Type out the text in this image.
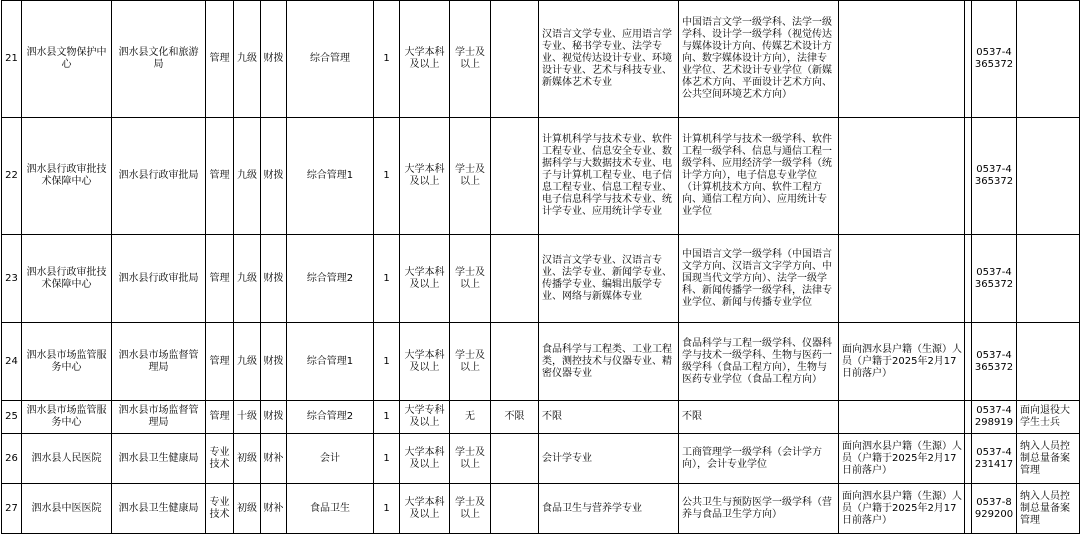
21	泗水县文物保护中心	泗水县文化和旅游局	管理	九级	财拨	综合管理	1	大学本科及以上	学士及以上		汉语言文学专业、应用语言学专业、秘书学专业、法学专业、视觉传达设计专业、环境设计专业、艺术与科技专业、新媒体艺术专业	中国语言文学一级学科、法学一级学科、设计学一级学科（视觉传达与媒体设计方向、传媒艺术设计方向、数字媒体设计方向），法律专业学位、艺术设计专业学位（新媒体艺术方向、平面设计艺术方向、公共空间环境艺术方向）			0537-4365372	
22	泗水县行政审批技术保障中心	泗水县行政审批局	管理	九级	财拨	综合管理1	1	大学本科及以上	学士及以上		计算机科学与技术专业、软件工程专业、信息安全专业、数据科学与大数据技术专业、电子与计算机工程专业、电子信息工程专业、信息工程专业、电子信息科学与技术专业、统计学专业、应用统计学专业	计算机科学与技术一级学科、软件工程一级学科、信息与通信工程一级学科、应用经济学一级学科（统计学方向），电子信息专业学位（计算机技术方向、软件工程方向、通信工程方向）、应用统计专业学位			0537-4365372	
23	泗水县行政审批技术保障中心	泗水县行政审批局	管理	九级	财拨	综合管理2	1	大学本科及以上	学士及以上		汉语言文学专业、汉语言专业、法学专业、新闻学专业、传播学专业、编辑出版学专业、网络与新媒体专业	中国语言文学一级学科（中国语言文学方向、汉语言文字学方向、中国现当代文学方向）、法学一级学科、新闻传播学一级学科，法律专业学位、新闻与传播专业学位			0537-4365372	
24	泗水县市场监管服务中心	泗水县市场监督管理局	管理	九级	财拨	综合管理1	1	大学本科及以上	学士及以上		食品科学与工程类、工业工程类，测控技术与仪器专业、精密仪器专业	食品科学与工程一级学科、仪器科学与技术一级学科、生物与医药一级学科（食品工程方向），生物与医药专业学位（食品工程方向）	面向泗水县户籍（生源）人员（户籍于2025年2月17日前落户）		0537-4365372	
25	泗水县市场监管服务中心	泗水县市场监督管理局	管理	十级	财拨	综合管理2	1	大学专科及以上	无	不限	不限	不限			0537-4298919	面向退役大学生士兵
26	泗水县人民医院	泗水县卫生健康局	专业技术	初级	财补	会计	1	大学本科及以上	学士及以上		会计学专业	工商管理学一级学科（会计学方向），会计专业学位	面向泗水县户籍（生源）人员（户籍于2025年2月17日前落户）		0537-4231417	纳入人员控制总量备案管理
27	泗水县中医医院	泗水县卫生健康局	专业技术	初级	财补	食品卫生	1	大学本科及以上	学士及以上		食品卫生与营养学专业	公共卫生与预防医学一级学科（营养与食品卫生学方向）	面向泗水县户籍（生源）人员（户籍于2025年2月17日前落户）		0537-8929200	纳入人员控制总量备案管理
